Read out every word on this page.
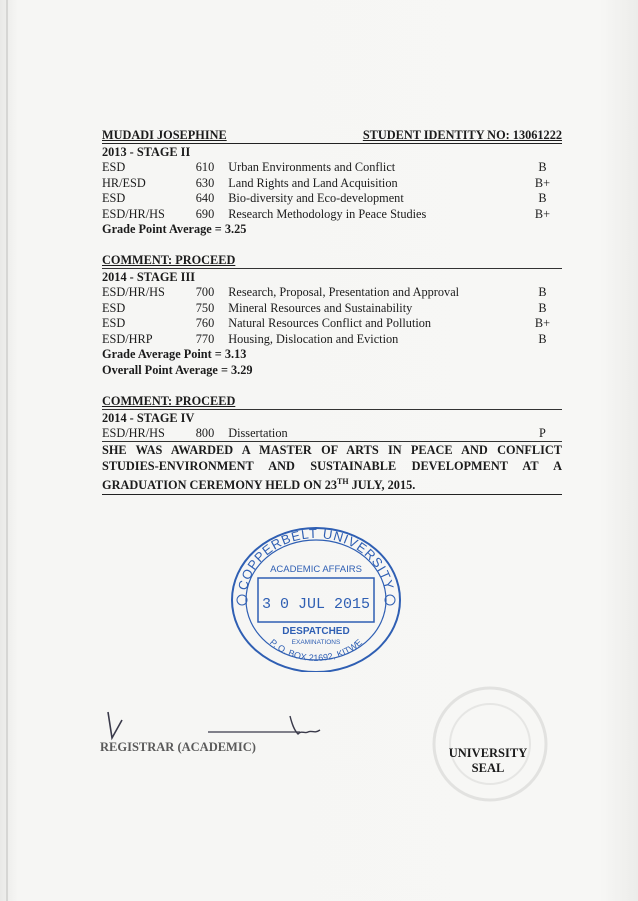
MUDADI JOSEPHINE	STUDENT IDENTITY NO: 13061222
2013 - STAGE II
ESD	610	Urban Environments and Conflict	B
HR/ESD	630	Land Rights and Land Acquisition	B+
ESD	640	Bio-diversity and Eco-development	B
ESD/HR/HS	690	Research Methodology in Peace Studies	B+
Grade Point Average = 3.25
COMMENT: PROCEED
2014 - STAGE III
ESD/HR/HS	700	Research, Proposal, Presentation and Approval	B
ESD	750	Mineral Resources and Sustainability	B
ESD	760	Natural Resources Conflict and Pollution	B+
ESD/HRP	770	Housing, Dislocation and Eviction	B
Grade Average Point = 3.13
Overall Point Average = 3.29
COMMENT: PROCEED
2014 - STAGE IV
ESD/HR/HS	800	Dissertation	P
SHE WAS AWARDED A MASTER OF ARTS IN PEACE AND CONFLICT
STUDIES-ENVIRONMENT AND SUSTAINABLE DEVELOPMENT AT A
GRADUATION CEREMONY HELD ON 23TH JULY, 2015.
COPPERBELT UNIVERSITY
ACADEMIC AFFAIRS
3 0 JUL 2015
DESPATCHED
EXAMINATIONS
P. O. BOX 21692, KITWE
REGISTRAR (ACADEMIC)	UNIVERSITY
SEAL
